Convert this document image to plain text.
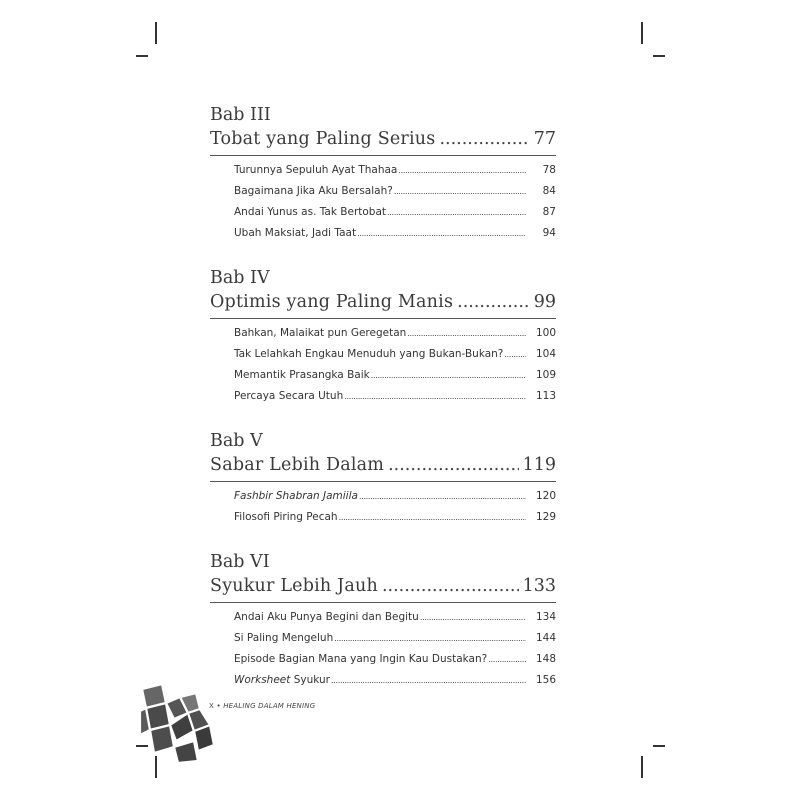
Bab III
Tobat yang Paling Serius .....	77
Turunnya Sepuluh Ayat Thahaa .....	78
Bagaimana Jika Aku Bersalah? .....	84
Andai Yunus as. Tak Bertobat .....	87
Ubah Maksiat, Jadi Taat .....	94
Bab IV
Optimis yang Paling Manis .....	99
Bahkan, Malaikat pun Geregetan .....	100
Tak Lelahkah Engkau Menuduh yang Bukan-Bukan? .....	104
Memantik Prasangka Baik .....	109
Percaya Secara Utuh .....	113
Bab V
Sabar Lebih Dalam .....	119
Fashbir Shabran Jamiila .....	120
Filosofi Piring Pecah .....	129
Bab VI
Syukur Lebih Jauh .....	133
Andai Aku Punya Begini dan Begitu .....	134
Si Paling Mengeluh .....	144
Episode Bagian Mana yang Ingin Kau Dustakan? .....	148
Worksheet Syukur .....	156
X • HEALING DALAM HENING
